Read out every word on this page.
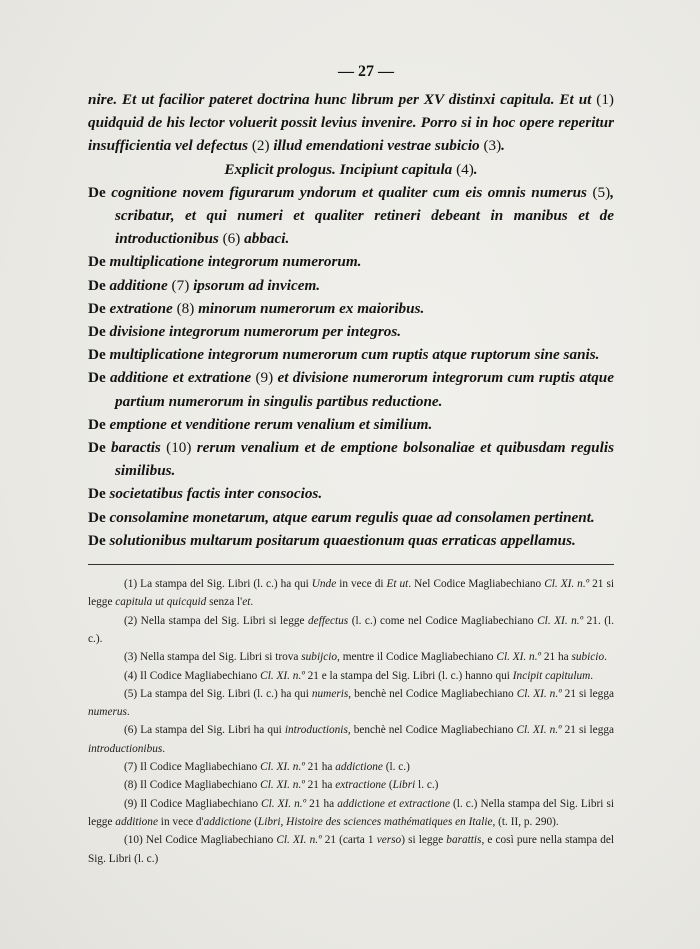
— 27 —

nire. Et ut facilior pateret doctrina hunc librum per XV distinxi capitula. Et ut (1) quidquid de his lector voluerit possit levius invenire. Porro si in hoc opere reperitur insufficientia vel defectus (2) illud emendationi vestrae subicio (3).

Explicit prologus. Incipiunt capitula (4).

De cognitione novem figurarum yndorum et qualiter cum eis omnis numerus (5), scribatur, et qui numeri et qualiter retineri debeant in manibus et de introductionibus (6) abbaci.

De multiplicatione integrorum numerorum.

De additione (7) ipsorum ad invicem.

De extratione (8) minorum numerorum ex maioribus.

De divisione integrorum numerorum per integros.

De multiplicatione integrorum numerorum cum ruptis atque ruptorum sine sanis.

De additione et extratione (9) et divisione numerorum integrorum cum ruptis atque partium numerorum in singulis partibus reductione.

De emptione et venditione rerum venalium et similium.

De baractis (10) rerum venalium et de emptione bolsonaliae et quibusdam regulis similibus.

De societatibus factis inter consocios.

De consolamine monetarum, atque earum regulis quae ad consolamen pertinent.

De solutionibus multarum positarum quaestionum quas erraticas appellamus.

(1) La stampa del Sig. Libri (l. c.) ha qui Unde in vece di Et ut. Nel Codice Magliabechiano Cl. XI. n.º 21 si legge capitula ut quicquid senza l'et.

(2) Nella stampa del Sig. Libri si legge deffectus (l. c.) come nel Codice Magliabechiano Cl. XI. n.º 21. (l. c.).

(3) Nella stampa del Sig. Libri si trova subijcio, mentre il Codice Magliabechiano Cl. XI. n.º 21 ha subicio.

(4) Il Codice Magliabechiano Cl. XI. n.º 21 e la stampa del Sig. Libri (l. c.) hanno qui Incipit capitulum.

(5) La stampa del Sig. Libri (l. c.) ha qui numeris, benchè nel Codice Magliabechiano Cl. XI. n.º 21 si legga numerus.

(6) La stampa del Sig. Libri ha qui introductionis, benchè nel Codice Magliabechiano Cl. XI. n.º 21 si legga introductionibus.

(7) Il Codice Magliabechiano Cl. XI. n.º 21 ha addictione (l. c.)

(8) Il Codice Magliabechiano Cl. XI. n.º 21 ha extractione (Libri l. c.)

(9) Il Codice Magliabechiano Cl. XI. n.º 21 ha addictione et extractione (l. c.) Nella stampa del Sig. Libri si legge additione in vece d'addictione (Libri, Histoire des sciences mathématiques en Italie, (t. II, p. 290).

(10) Nel Codice Magliabechiano Cl. XI. n.º 21 (carta 1 verso) si legge barattis, e così pure nella stampa del Sig. Libri (l. c.)
